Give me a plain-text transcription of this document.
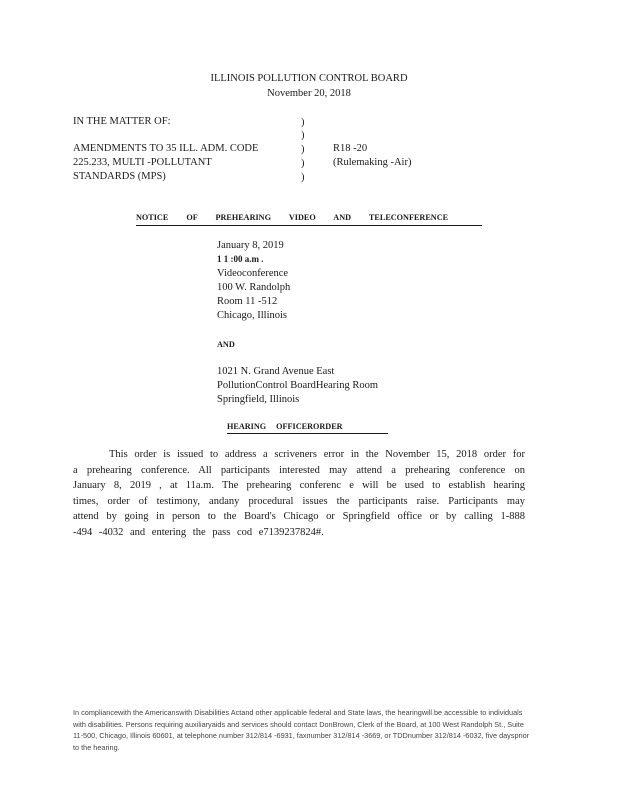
ILLINOIS POLLUTION CONTROL BOARD
November 20, 2018
IN THE MATTER OF:
AMENDMENTS TO 35 ILL. ADM. CODE
225.233, MULTI -POLLUTANT
STANDARDS (MPS)
)
)
)
)
)
R18 -20
(Rulemaking -Air)
NOTICE OF PREHEARING VIDEO AND TELECONFERENCE
January 8, 2019
1 1 :00 a.m .
Videoconference
100 W. Randolph
Room 11 -512
Chicago, Illinois
AND
1021 N. Grand Avenue East
PollutionControl BoardHearing Room
Springfield, Illinois
HEARING OFFICERORDER
This order is issued to address a scriveners error in the November 15, 2018 order for a prehearing conference. All participants interested may attend a prehearing conference on January 8, 2019 , at 11a.m. The prehearing conferenc e will be used to establish hearing times, order of testimony, andany procedural issues the participants raise. Participants may attend by going in person to the Board's Chicago or Springfield office or by calling 1-888 -494 -4032 and entering the pass cod e7139237824#.
In compliancewith the Americanswith Disabilities Actand other applicable federal and State laws, the hearingwill be accessible to individuals with disabilities. Persons requiring auxiliaryaids and services should contact DonBrown, Clerk of the Board, at 100 West Randolph St., Suite 11-500, Chicago, Illinois 60601, at telephone number 312/814 -6931, faxnumber 312/814 -3669, or TDDnumber 312/814 -6032, five daysprior to the hearing.
